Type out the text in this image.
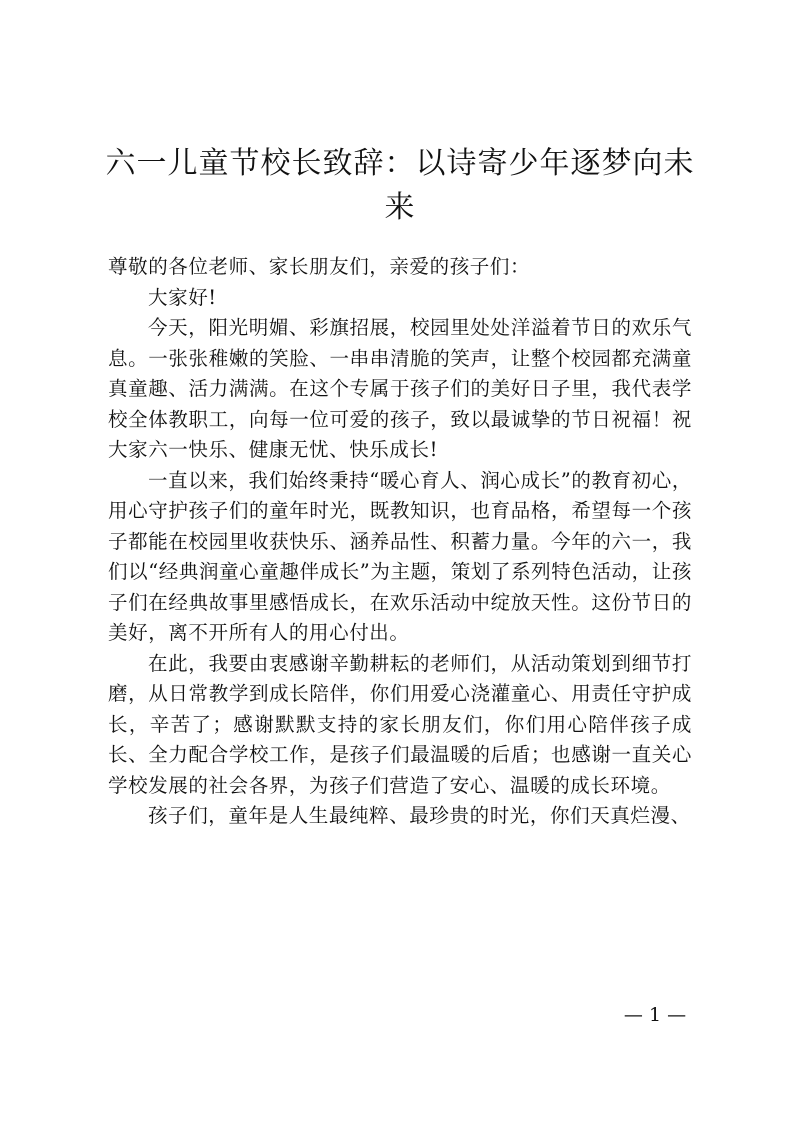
六一儿童节校长致辞：以诗寄少年逐梦向未来

尊敬的各位老师、家长朋友们，亲爱的孩子们：

大家好!

今天，阳光明媚、彩旗招展，校园里处处洋溢着节日的欢乐气息。一张张稚嫩的笑脸、一串串清脆的笑声，让整个校园都充满童真童趣、活力满满。在这个专属于孩子们的美好日子里，我代表学校全体教职工，向每一位可爱的孩子，致以最诚挚的节日祝福！祝大家六一快乐、健康无忧、快乐成长!

一直以来，我们始终秉持“暖心育人、润心成长”的教育初心，用心守护孩子们的童年时光，既教知识，也育品格，希望每一个孩子都能在校园里收获快乐、涵养品性、积蓄力量。今年的六一，我们以“经典润童心童趣伴成长”为主题，策划了系列特色活动，让孩子们在经典故事里感悟成长，在欢乐活动中绽放天性。这份节日的美好，离不开所有人的用心付出。

在此，我要由衷感谢辛勤耕耘的老师们，从活动策划到细节打磨，从日常教学到成长陪伴，你们用爱心浇灌童心、用责任守护成长，辛苦了；感谢默默支持的家长朋友们，你们用心陪伴孩子成长、全力配合学校工作，是孩子们最温暖的后盾；也感谢一直关心学校发展的社会各界，为孩子们营造了安心、温暖的成长环境。

孩子们，童年是人生最纯粹、最珍贵的时光，你们天真烂漫、

— 1 —
